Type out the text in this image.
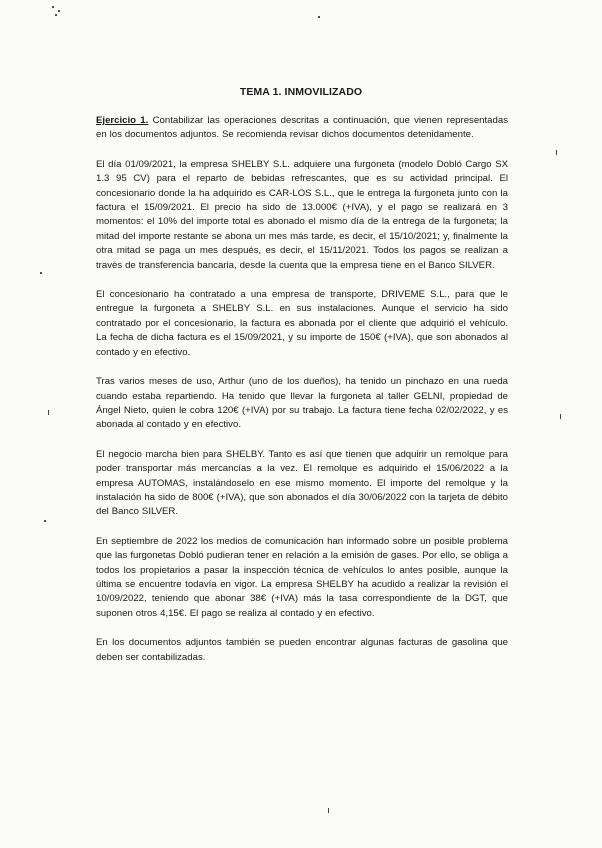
TEMA 1. INMOVILIZADO

Ejercicio 1. Contabilizar las operaciones descritas a continuación, que vienen representadas en los documentos adjuntos. Se recomienda revisar dichos documentos detenidamente.

El día 01/09/2021, la empresa SHELBY S.L. adquiere una furgoneta (modelo Dobló Cargo SX 1.3 95 CV) para el reparto de bebidas refrescantes, que es su actividad principal. El concesionario donde la ha adquirido es CAR-LOS S.L., que le entrega la furgoneta junto con la factura el 15/09/2021. El precio ha sido de 13.000€ (+IVA), y el pago se realizará en 3 momentos: el 10% del importe total es abonado el mismo día de la entrega de la furgoneta; la mitad del importe restante se abona un mes más tarde, es decir, el 15/10/2021; y, finalmente la otra mitad se paga un mes después, es decir, el 15/11/2021. Todos los pagos se realizan a través de transferencia bancaria, desde la cuenta que la empresa tiene en el Banco SILVER.

El concesionario ha contratado a una empresa de transporte, DRIVEME S.L., para que le entregue la furgoneta a SHELBY S.L. en sus instalaciones. Aunque el servicio ha sido contratado por el concesionario, la factura es abonada por el cliente que adquirió el vehículo. La fecha de dicha factura es el 15/09/2021, y su importe de 150€ (+IVA), que son abonados al contado y en efectivo.

Tras varios meses de uso, Arthur (uno de los dueños), ha tenido un pinchazo en una rueda cuando estaba repartiendo. Ha tenido que llevar la furgoneta al taller GELNI, propiedad de Ángel Nieto, quien le cobra 120€ (+IVA) por su trabajo. La factura tiene fecha 02/02/2022, y es abonada al contado y en efectivo.

El negocio marcha bien para SHELBY. Tanto es así que tienen que adquirir un remolque para poder transportar más mercancías a la vez. El remolque es adquirido el 15/06/2022 a la empresa AUTOMAS, instalándoselo en ese mismo momento. El importe del remolque y la instalación ha sido de 800€ (+IVA), que son abonados el día 30/06/2022 con la tarjeta de débito del Banco SILVER.

En septiembre de 2022 los medios de comunicación han informado sobre un posible problema que las furgonetas Dobló pudieran tener en relación a la emisión de gases. Por ello, se obliga a todos los propietarios a pasar la inspección técnica de vehículos lo antes posible, aunque la última se encuentre todavía en vigor. La empresa SHELBY ha acudido a realizar la revisión el 10/09/2022, teniendo que abonar 38€ (+IVA) más la tasa correspondiente de la DGT, que suponen otros 4,15€. El pago se realiza al contado y en efectivo.

En los documentos adjuntos también se pueden encontrar algunas facturas de gasolina que deben ser contabilizadas.
